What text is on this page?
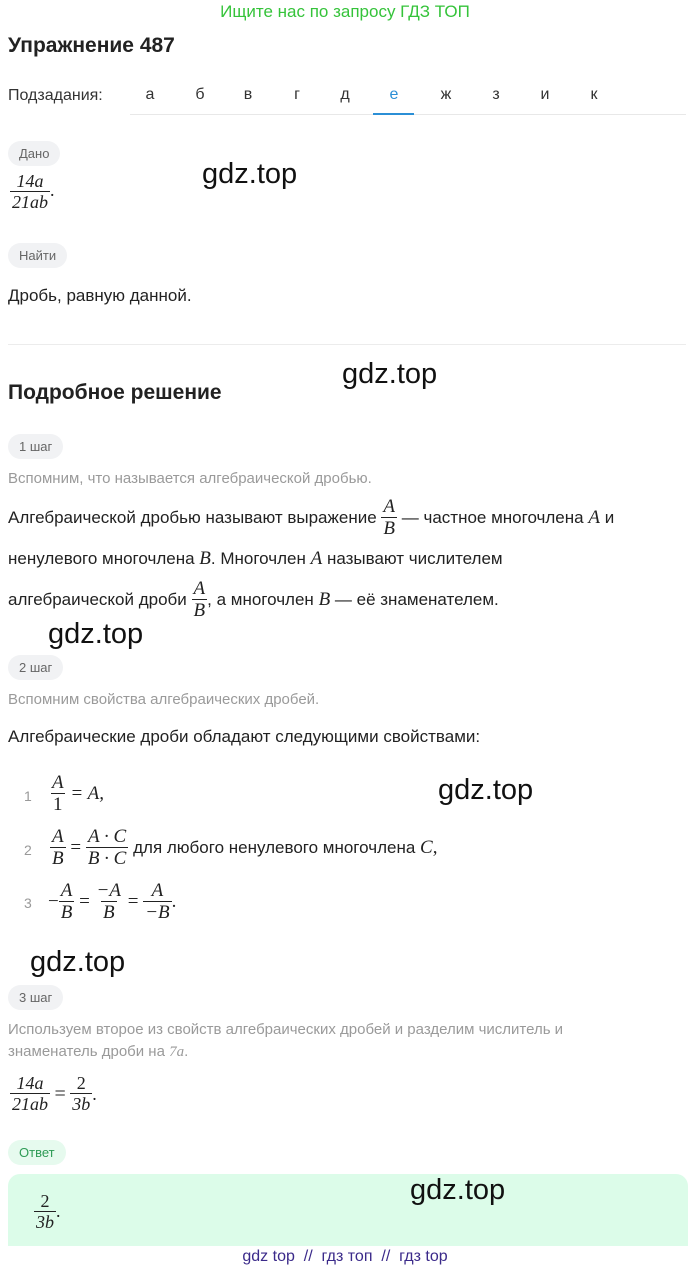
Ищите нас по запросу ГДЗ ТОП
Упражнение 487
Подзадания:	а	б	в	г	д	е	ж	з	и	к
Дано
$\frac{14a}{21ab}$ .
gdz.top
Найти
Дробь, равную данной.
gdz.top
Подробное решение
1 шаг
Вспомним, что называется алгебраической дробью.
Алгебраической дробью называют выражение
$\frac{A}{B}$
— частное многочлена
A
и
ненулевого многочлена
B . Многочлен
A
называют числителем
алгебраической дроби
$\frac{A}{B}$ , а многочлен
B
— её знаменателем.
gdz.top
2 шаг
Вспомним свойства алгебраических дробей.
Алгебраические дроби обладают следующими свойствами:
$1 \frac{A}{1}$
= A,
$2 \frac{A}{B}$
=
$\frac{A \cdot C}{B \cdot C}$
для любого ненулевого многочлена
C ,
$3 - \frac{A}{B}$
=
$\frac{-A}{B}$
=
$\frac{A}{-B}$ .
gdz.top
gdz.top
3 шаг
Используем второе из свойств алгебраических дробей и разделим числитель и
знаменатель дроби на 7a.
$\frac{14a}{21ab}$
=
$\frac{2}{3b}$ .
Ответ
$\frac{2}{3b}$ .
gdz.top
gdz top  //  гдз топ  //  гдз top
